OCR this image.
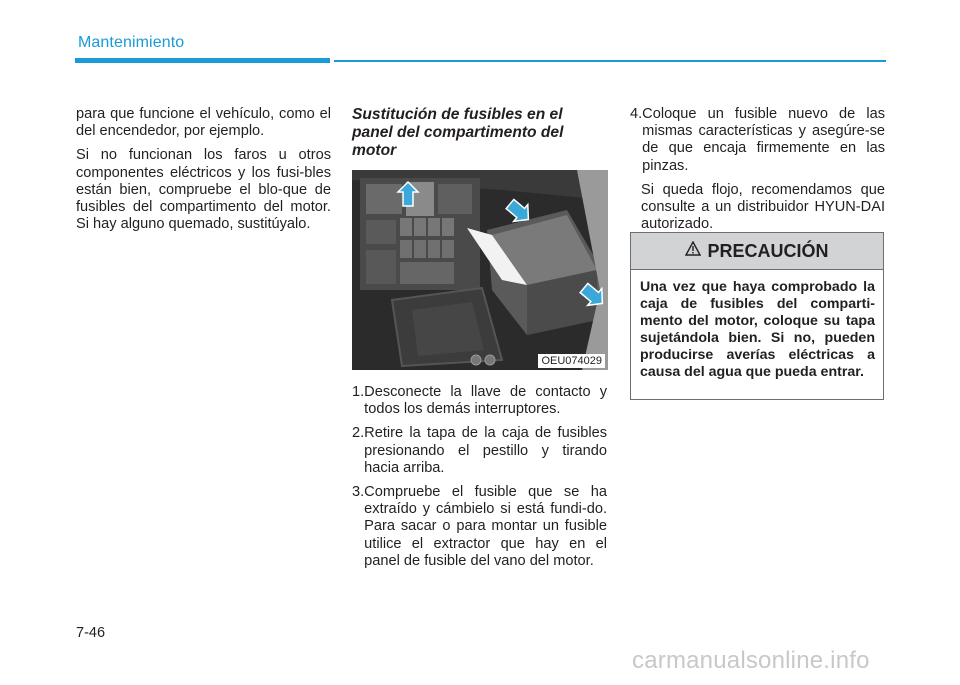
Mantenimiento

para que funcione el vehículo, como el del encendedor, por ejemplo.

Si no funcionan los faros u otros componentes eléctricos y los fusi-bles están bien, compruebe el blo-que de fusibles del compartimento del motor. Si hay alguno quemado, sustitúyalo.

Sustitución de fusibles en el panel del compartimento del motor
OEU074029
1. Desconecte la llave de contacto y todos los demás interruptores.
2. Retire la tapa de la caja de fusibles presionando el pestillo y tirando hacia arriba.
3. Compruebe el fusible que se ha extraído y cámbielo si está fundi-do. Para sacar o para montar un fusible utilice el extractor que hay en el panel de fusible del vano del motor.
4. Coloque un fusible nuevo de las mismas características y asegúre-se de que encaja firmemente en las pinzas.

Si queda flojo, recomendamos que consulte a un distribuidor HYUN-DAI autorizado.

PRECAUCIÓN
Una vez que haya comprobado la caja de fusibles del comparti-mento del motor, coloque su tapa sujetándola bien. Si no, pueden producirse averías eléctricas a causa del agua que pueda entrar.
7-46
carmanualsonline.info
